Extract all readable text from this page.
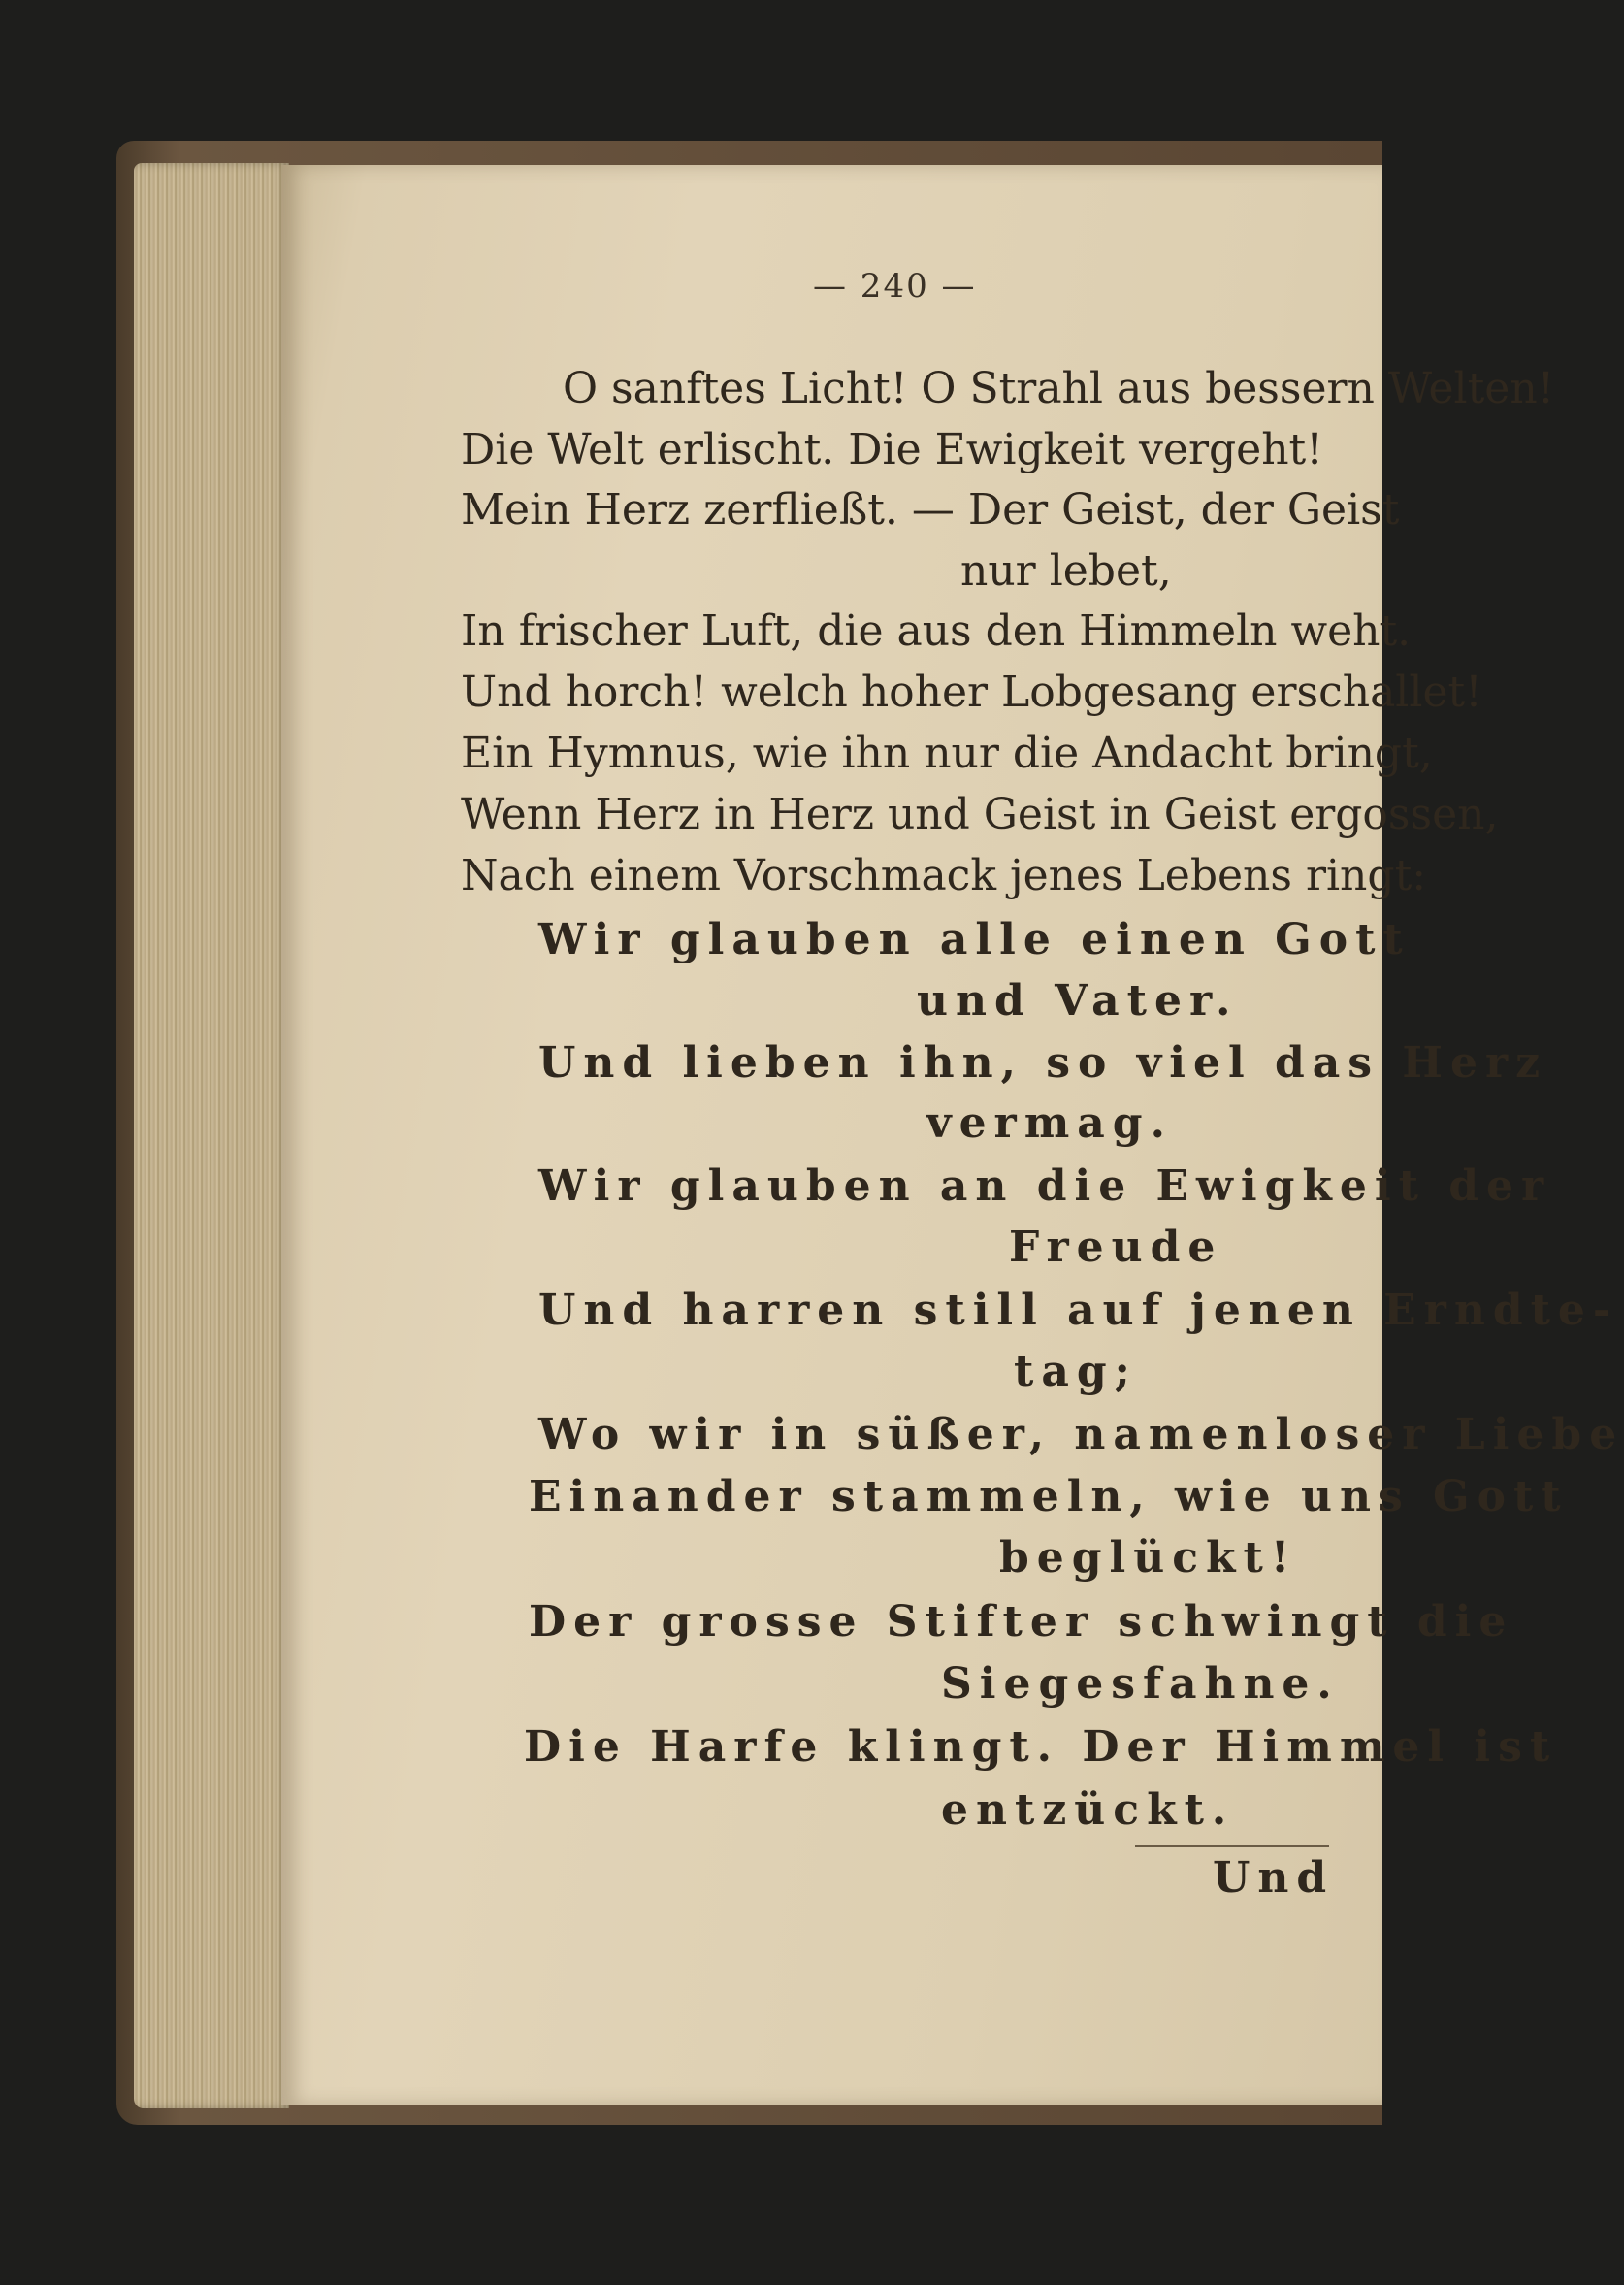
— 240 —
O sanftes Licht! O Strahl aus bessern Welten!
Die Welt erlischt. Die Ewigkeit vergeht!
Mein Herz zerfließt. — Der Geist, der Geist
nur lebet,
In frischer Luft, die aus den Himmeln weht.
Und horch! welch hoher Lobgesang erschallet!
Ein Hymnus, wie ihn nur die Andacht bringt,
Wenn Herz in Herz und Geist in Geist ergossen,
Nach einem Vorschmack jenes Lebens ringt:
Wir glauben alle einen Gott
und Vater.
Und lieben ihn, so viel das Herz
vermag.
Wir glauben an die Ewigkeit der
Freude
Und harren still auf jenen Erndte-
tag;
Wo wir in süßer, namenloser Liebe
Einander stammeln, wie uns Gott
beglückt!
Der grosse Stifter schwingt die
Siegesfahne.
Die Harfe klingt. Der Himmel ist
entzückt.
Und
